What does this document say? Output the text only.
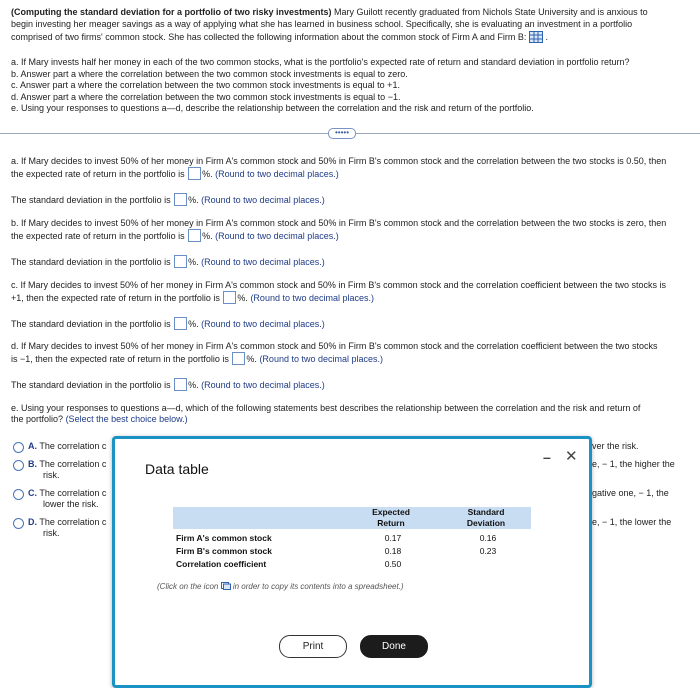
(Computing the standard deviation for a portfolio of two risky investments) Mary Guilott recently graduated from Nichols State University and is anxious to
begin investing her meager savings as a way of applying what she has learned in business school. Specifically, she is evaluating an investment in a portfolio
comprised of two firms' common stock. She has collected the following information about the common stock of Firm A and Firm B:  .
a. If Mary invests half her money in each of the two common stocks, what is the portfolio's expected rate of return and standard deviation in portfolio return?
b. Answer part a where the correlation between the two common stock investments is equal to zero.
c. Answer part a where the correlation between the two common stock investments is equal to +1.
d. Answer part a where the correlation between the two common stock investments is equal to −1.
e. Using your responses to questions a—d, describe the relationship between the correlation and the risk and return of the portfolio.
•••••
a. If Mary decides to invest 50% of her money in Firm A's common stock and 50% in Firm B's common stock and the correlation between the two stocks is 0.50, then
the expected rate of return in the portfolio is %. (Round to two decimal places.)
The standard deviation in the portfolio is %. (Round to two decimal places.)
b. If Mary decides to invest 50% of her money in Firm A's common stock and 50% in Firm B's common stock and the correlation between the two stocks is zero, then
the expected rate of return in the portfolio is %. (Round to two decimal places.)
The standard deviation in the portfolio is %. (Round to two decimal places.)
c. If Mary decides to invest 50% of her money in Firm A's common stock and 50% in Firm B's common stock and the correlation coefficient between the two stocks is
+1, then the expected rate of return in the portfolio is %. (Round to two decimal places.)
The standard deviation in the portfolio is %. (Round to two decimal places.)
d. If Mary decides to invest 50% of her money in Firm A's common stock and 50% in Firm B's common stock and the correlation coefficient between the two stocks
is −1, then the expected rate of return in the portfolio is %. (Round to two decimal places.)
The standard deviation in the portfolio is %. (Round to two decimal places.)
e. Using your responses to questions a—d, which of the following statements best describes the relationship between the correlation and the risk and return of
the portfolio? (Select the best choice below.)
A. The correlation c
B. The correlation c
risk.
C. The correlation c
lower the risk.
D. The correlation c
risk.
ver the risk.
e, − 1, the higher the
gative one, − 1, the
e, − 1, the lower the
Data table
– ✕
Expected
Return
Standard
Deviation
Firm A's common stock	0.17	0.16
Firm B's common stock	0.18	0.23
Correlation coefficient	0.50
(Click on the icon in order to copy its contents into a spreadsheet.)
Print	Done
